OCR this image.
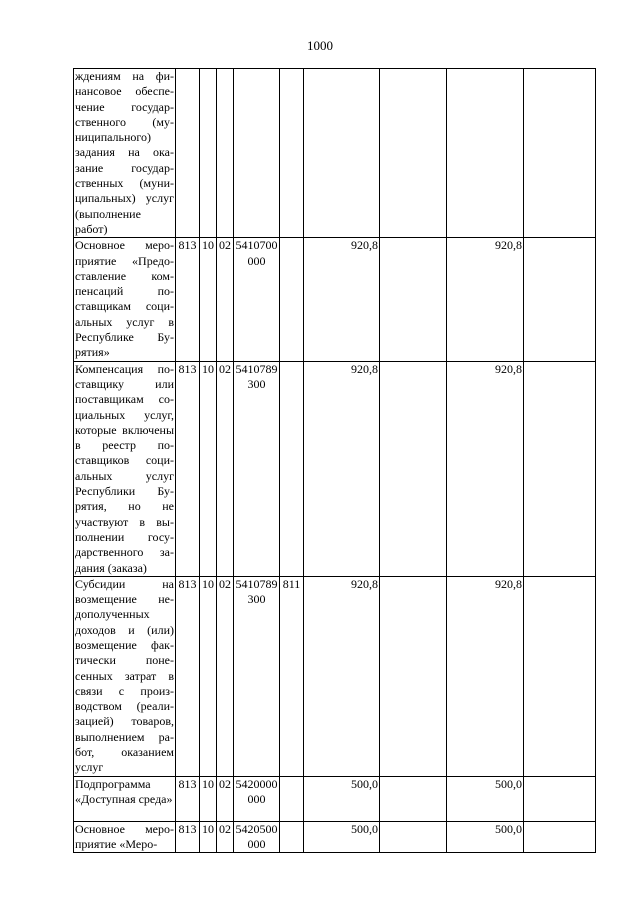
1000
ждениям на финансовое обеспечение государственного (муниципального) задания на оказание государственных (муниципальных) услуг (выполнение работ)									
Основное мероприятие «Предоставление компенсаций поставщикам социальных услуг в Республике Бурятия»	813	10	02	5410700000		920,8		920,8	
Компенсация поставщику или поставщикам социальных услуг, которые включены в реестр поставщиков социальных услуг Республики Бурятия, но не участвуют в выполнении государственного задания (заказа)	813	10	02	5410789300		920,8		920,8	
Субсидии на возмещение недополученных доходов и (или) возмещение фактически понесенных затрат в связи с производством (реализацией) товаров, выполнением работ, оказанием услуг	813	10	02	5410789300	811	920,8		920,8	
Подпрограмма «Доступная среда»	813	10	02	5420000000		500,0		500,0	
Основное мероприятие «Меро-	813	10	02	5420500000		500,0		500,0	
